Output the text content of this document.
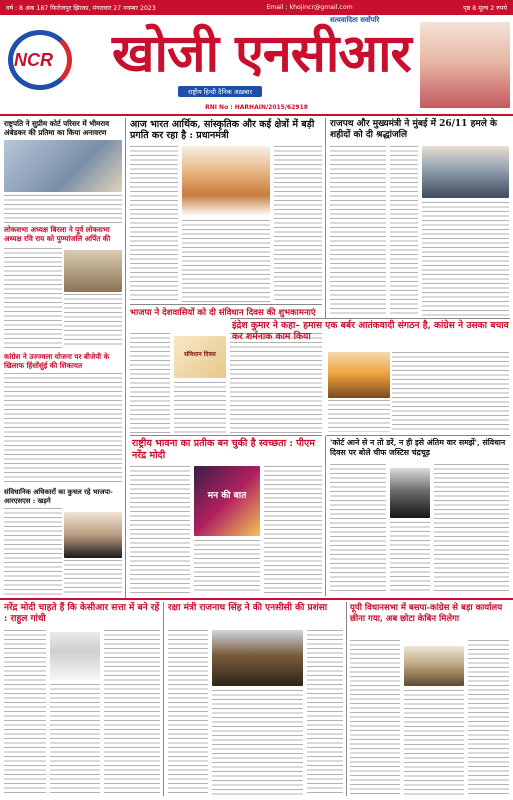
वर्ष : 8 अंक 187 फिरोजपुर झिरका, मंगलवार 27 नवम्बर 2023	Email : khojincr@gmail.com	पृष्ठ 8 मूल्य 2 रुपये
NCR
सत्यवादिता सर्वोपरि
खोजी एनसीआर
राष्ट्रीय हिन्दी दैनिक अख़बार
RNI No : HARHAIN/2015/62918
राष्ट्रपति ने सुप्रीम कोर्ट परिसर में भीमराव अंबेडकर की प्रतिमा का किया अनावरण
लोकसभा अध्यक्ष बिरला ने पूर्व लोकसभा अध्यक्ष रवि राय को पुण्यांजलि अर्पित की
कांग्रेस ने उज्ज्वला योजना पर बीजेपी के खिलाफ हिंसोंसुंई की शिकायत
संविधानिक अधिकारों का कुचल रहे भाजपा-आरएसएस : खड़गे
आज भारत आर्थिक, सांस्कृतिक और कई क्षेत्रों में बड़ी प्रगति कर रहा है : प्रधानमंत्री
भाजपा ने देशवासियों को दी संविधान दिवस की शुभकामनाएं
संविधान दिवस
राजपथ और मुख्यमंत्री ने मुंबई में 26/11 हमले के शहीदों को दी श्रद्धांजलि
इंद्रेश कुमार ने कहा– हमास एक बर्बर आतंकवादी संगठन है, कांग्रेस ने उसका बचाव कर शर्मनाक काम किया
राष्ट्रीय भावना का प्रतीक बन चुकी है स्वच्छता : पीएम नरेंद्र मोदी
मन की बात
'कोर्ट आने से न तो डरें, न ही इसे अंतिम वार समझें', संविधान दिवस पर बोले चीफ जस्टिस चंद्रचूड़
नरेंद्र मोदी चाहते हैं कि केसीआर सत्ता में बने रहें : राहुल गांधी
रक्षा मंत्री राजनाथ सिंह ने की एनसीसी की प्रशंसा	यूपी विधानसभा में बसपा-कांग्रेस से बड़ा कार्यालय छीना गया, अब छोटा केबिन मिलेगा
